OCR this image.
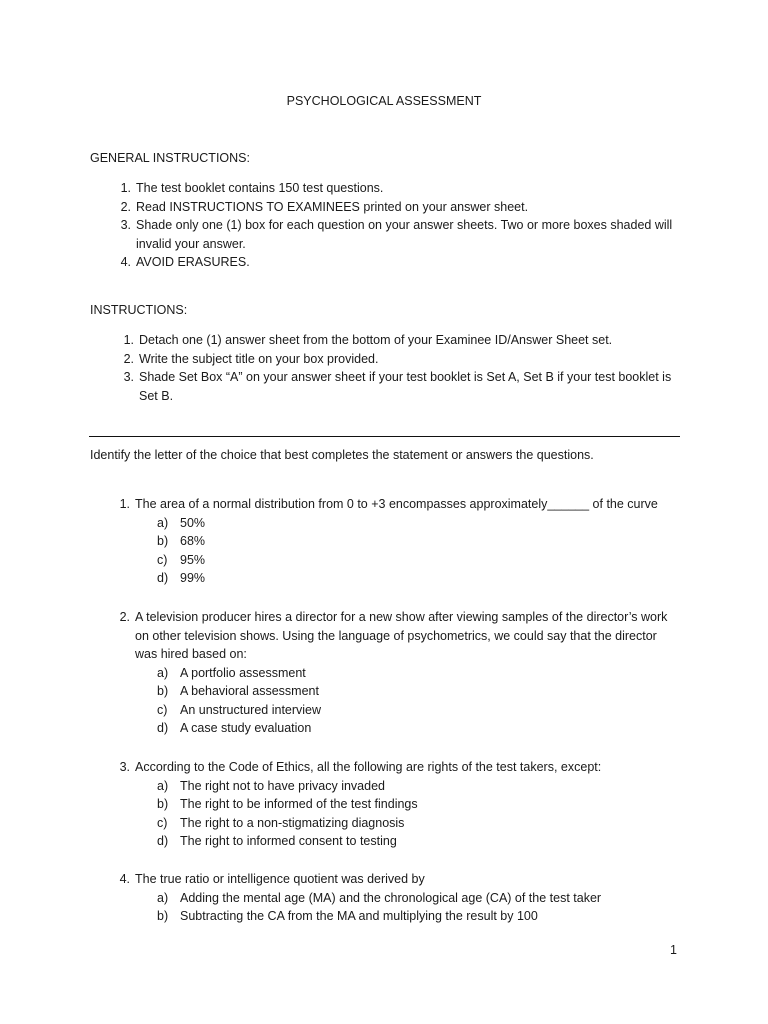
PSYCHOLOGICAL ASSESSMENT
GENERAL INSTRUCTIONS:
1. The test booklet contains 150 test questions.
2. Read INSTRUCTIONS TO EXAMINEES printed on your answer sheet.
3. Shade only one (1) box for each question on your answer sheets. Two or more boxes shaded will invalid your answer.
4. AVOID ERASURES.
INSTRUCTIONS:
1. Detach one (1) answer sheet from the bottom of your Examinee ID/Answer Sheet set.
2. Write the subject title on your box provided.
3. Shade Set Box “A” on your answer sheet if your test booklet is Set A, Set B if your test booklet is Set B.
Identify the letter of the choice that best completes the statement or answers the questions.
1. The area of a normal distribution from 0 to +3 encompasses approximately______ of the curve
a) 50%
b) 68%
c) 95%
d) 99%
2. A television producer hires a director for a new show after viewing samples of the director’s work on other television shows. Using the language of psychometrics, we could say that the director was hired based on:
a) A portfolio assessment
b) A behavioral assessment
c) An unstructured interview
d) A case study evaluation
3. According to the Code of Ethics, all the following are rights of the test takers, except:
a) The right not to have privacy invaded
b) The right to be informed of the test findings
c) The right to a non-stigmatizing diagnosis
d) The right to informed consent to testing
4. The true ratio or intelligence quotient was derived by
a) Adding the mental age (MA) and the chronological age (CA) of the test taker
b) Subtracting the CA from the MA and multiplying the result by 100
1
